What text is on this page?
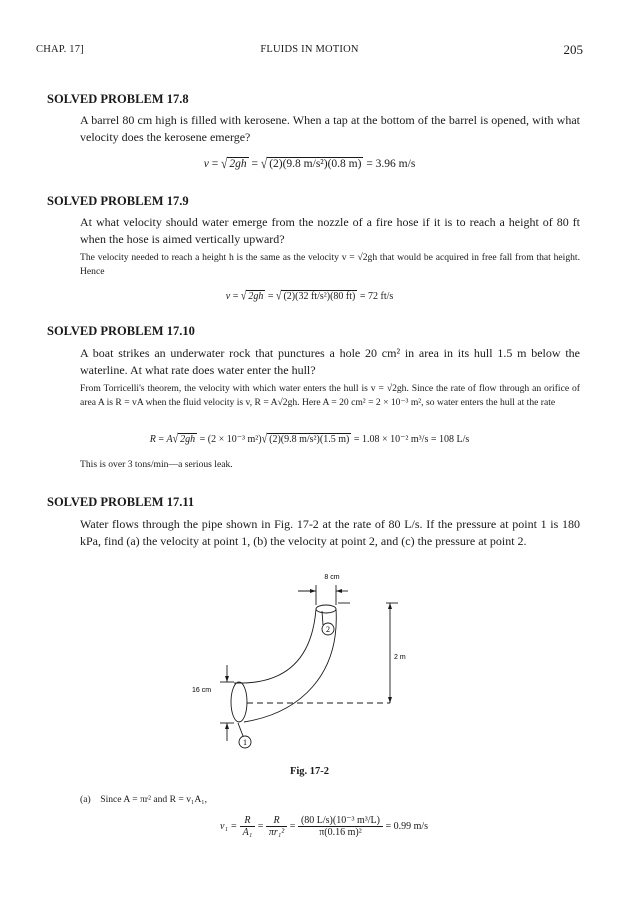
CHAP. 17]	FLUIDS IN MOTION	205
SOLVED PROBLEM 17.8
A barrel 80 cm high is filled with kerosene. When a tap at the bottom of the barrel is opened, with what velocity does the kerosene emerge?
v = √ 2gh = √ (2)(9.8 m/s²)(0.8 m) = 3.96 m/s
SOLVED PROBLEM 17.9
At what velocity should water emerge from the nozzle of a fire hose if it is to reach a height of 80 ft when the hose is aimed vertically upward?
The velocity needed to reach a height h is the same as the velocity v = √2gh that would be acquired in free fall from that height. Hence
v = √ 2gh = √ (2)(32 ft/s²)(80 ft) = 72 ft/s
SOLVED PROBLEM 17.10
A boat strikes an underwater rock that punctures a hole 20 cm² in area in its hull 1.5 m below the waterline. At what rate does water enter the hull?
From Torricelli's theorem, the velocity with which water enters the hull is v = √2gh. Since the rate of flow through an orifice of area A is R = vA when the fluid velocity is v, R = A√2gh. Here A = 20 cm² = 2 × 10⁻³ m², so water enters the hull at the rate
R = A√ 2gh = (2 × 10⁻³ m²)√ (2)(9.8 m/s²)(1.5 m) = 1.08 × 10⁻² m³/s = 108 L/s
This is over 3 tons/min—a serious leak.
SOLVED PROBLEM 17.11
Water flows through the pipe shown in Fig. 17-2 at the rate of 80 L/s. If the pressure at point 1 is 180 kPa, find (a) the velocity at point 1, (b) the velocity at point 2, and (c) the pressure at point 2.
8 cm
2 m
16 cm
1
2
Fig. 17-2
(a) Since A = πr² and R = v₁A₁,
$v_1 = \frac{R}{\text{A₁}} = \frac{R}{\text{πr₁²}} = \frac{\text{(80 L/s)(10⁻³ m³/L)}}{\text{π(0.16 m)²}} = 0.99$ m/s
